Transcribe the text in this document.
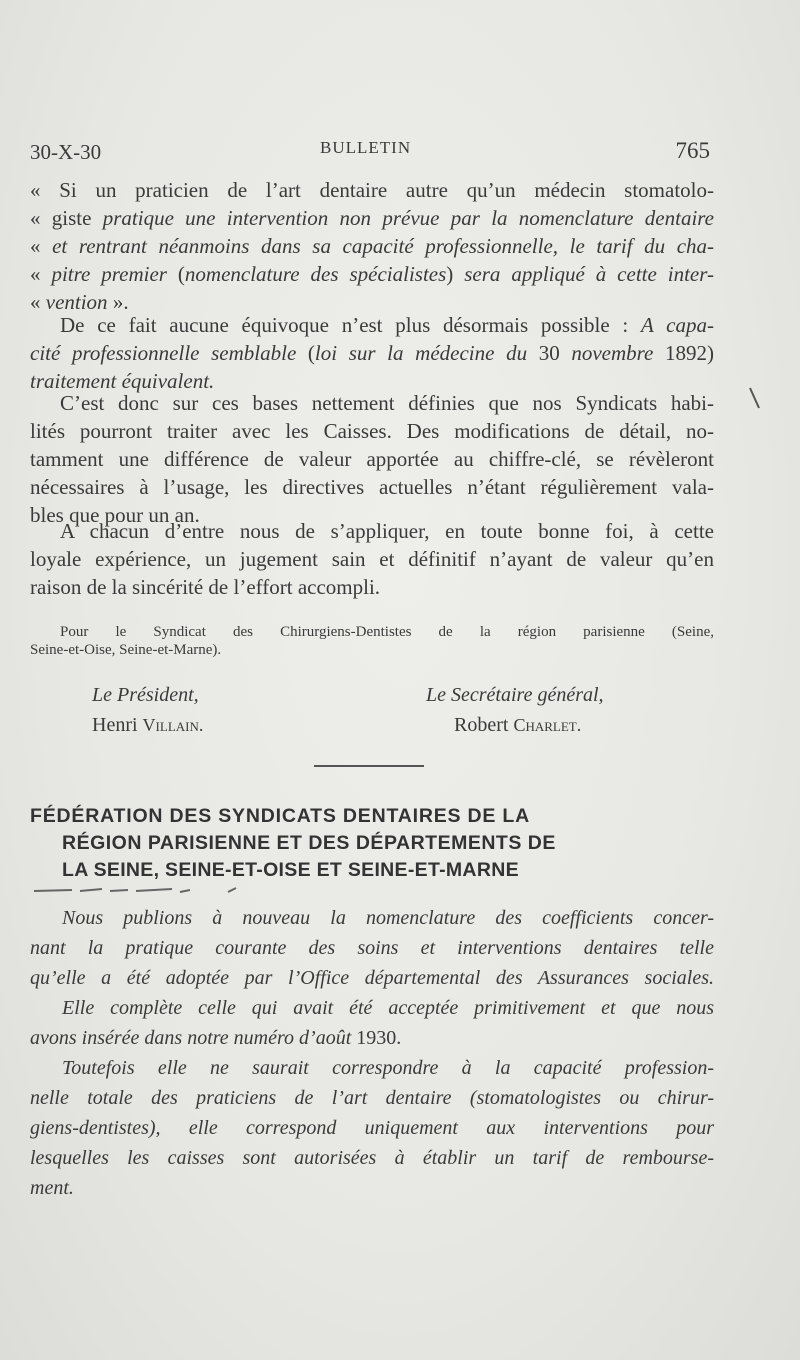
30-X-30	BULLETIN	765
« Si un praticien de l’art dentaire autre qu’un médecin stomatolo-
« giste pratique une intervention non prévue par la nomenclature dentaire
« et rentrant néanmoins dans sa capacité professionnelle, le tarif du cha-
« pitre premier (nomenclature des spécialistes) sera appliqué à cette inter-
« vention ».
De ce fait aucune équivoque n’est plus désormais possible : A capa-
cité professionnelle semblable (loi sur la médecine du 30 novembre 1892)
traitement équivalent.
C’est donc sur ces bases nettement définies que nos Syndicats habi-
lités pourront traiter avec les Caisses. Des modifications de détail, no-
tamment une différence de valeur apportée au chiffre-clé, se révèleront
nécessaires à l’usage, les directives actuelles n’étant régulièrement vala-
bles que pour un an.
A chacun d’entre nous de s’appliquer, en toute bonne foi, à cette
loyale expérience, un jugement sain et définitif n’ayant de valeur qu’en
raison de la sincérité de l’effort accompli.
Pour le Syndicat des Chirurgiens-Dentistes de la région parisienne (Seine,
Seine-et-Oise, Seine-et-Marne).
Le Président,
Henri Villain.
Le Secrétaire général,
Robert Charlet.
FÉDÉRATION DES SYNDICATS DENTAIRES DE LA
RÉGION PARISIENNE ET DES DÉPARTEMENTS DE
LA SEINE, SEINE-ET-OISE ET SEINE-ET-MARNE
Nous publions à nouveau la nomenclature des coefficients concer-
nant la pratique courante des soins et interventions dentaires telle
qu’elle a été adoptée par l’Office départemental des Assurances sociales.
Elle complète celle qui avait été acceptée primitivement et que nous
avons insérée dans notre numéro d’août 1930.
Toutefois elle ne saurait correspondre à la capacité profession-
nelle totale des praticiens de l’art dentaire (stomatologistes ou chirur-
giens-dentistes), elle correspond uniquement aux interventions pour
lesquelles les caisses sont autorisées à établir un tarif de rembourse-
ment.
